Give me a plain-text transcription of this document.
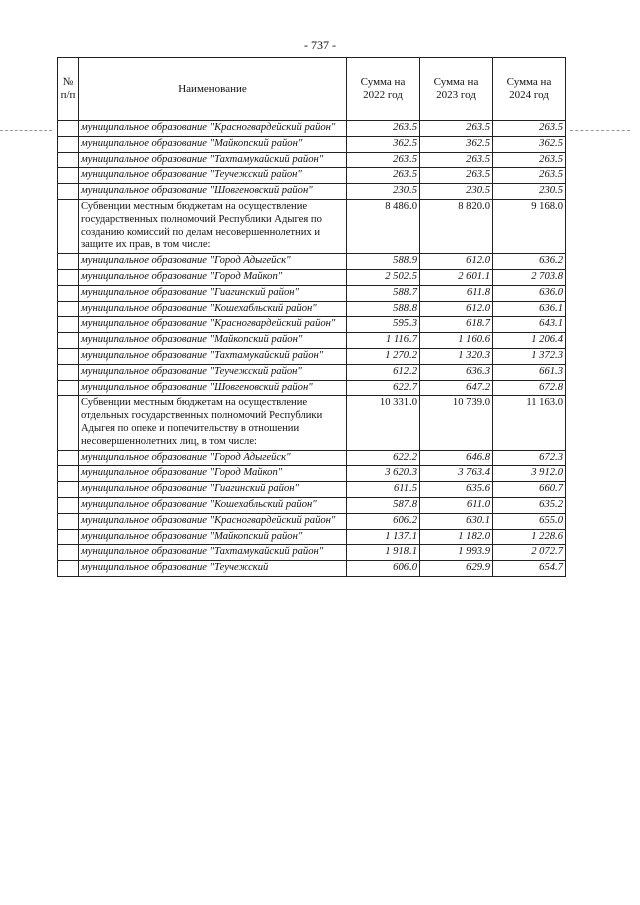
- 737 -
№ п/п	Наименование	Сумма на 2022 год	Сумма на 2023 год	Сумма на 2024 год
	муниципальное образование "Красногвардейский район"	263.5	263.5	263.5
	муниципальное образование "Майкопский район"	362.5	362.5	362.5
	муниципальное образование "Тахтамукайский район"	263.5	263.5	263.5
	муниципальное образование "Теучежский район"	263.5	263.5	263.5
	муниципальное образование "Шовгеновский район"	230.5	230.5	230.5
	Субвенции местным бюджетам на осуществление государственных полномочий Республики Адыгея по созданию комиссий по делам несовершеннолетних и защите их прав, в том числе:	8 486.0	8 820.0	9 168.0
	муниципальное образование "Город Адыгейск"	588.9	612.0	636.2
	муниципальное образование "Город Майкоп"	2 502.5	2 601.1	2 703.8
	муниципальное образование "Гиагинский район"	588.7	611.8	636.0
	муниципальное образование "Кошехабльский район"	588.8	612.0	636.1
	муниципальное образование "Красногвардейский район"	595.3	618.7	643.1
	муниципальное образование "Майкопский район"	1 116.7	1 160.6	1 206.4
	муниципальное образование "Тахтамукайский район"	1 270.2	1 320.3	1 372.3
	муниципальное образование "Теучежский район"	612.2	636.3	661.3
	муниципальное образование "Шовгеновский район"	622.7	647.2	672.8
	Субвенции местным бюджетам на осуществление отдельных государственных полномочий Республики Адыгея по опеке и попечительству в отношении несовершеннолетних лиц, в том числе:	10 331.0	10 739.0	11 163.0
	муниципальное образование "Город Адыгейск"	622.2	646.8	672.3
	муниципальное образование "Город Майкоп"	3 620.3	3 763.4	3 912.0
	муниципальное образование "Гиагинский район"	611.5	635.6	660.7
	муниципальное образование "Кошехабльский район"	587.8	611.0	635.2
	муниципальное образование "Красногвардейский район"	606.2	630.1	655.0
	муниципальное образование "Майкопский район"	1 137.1	1 182.0	1 228.6
	муниципальное образование "Тахтамукайский район"	1 918.1	1 993.9	2 072.7
	муниципальное образование "Теучежский	606.0	629.9	654.7
